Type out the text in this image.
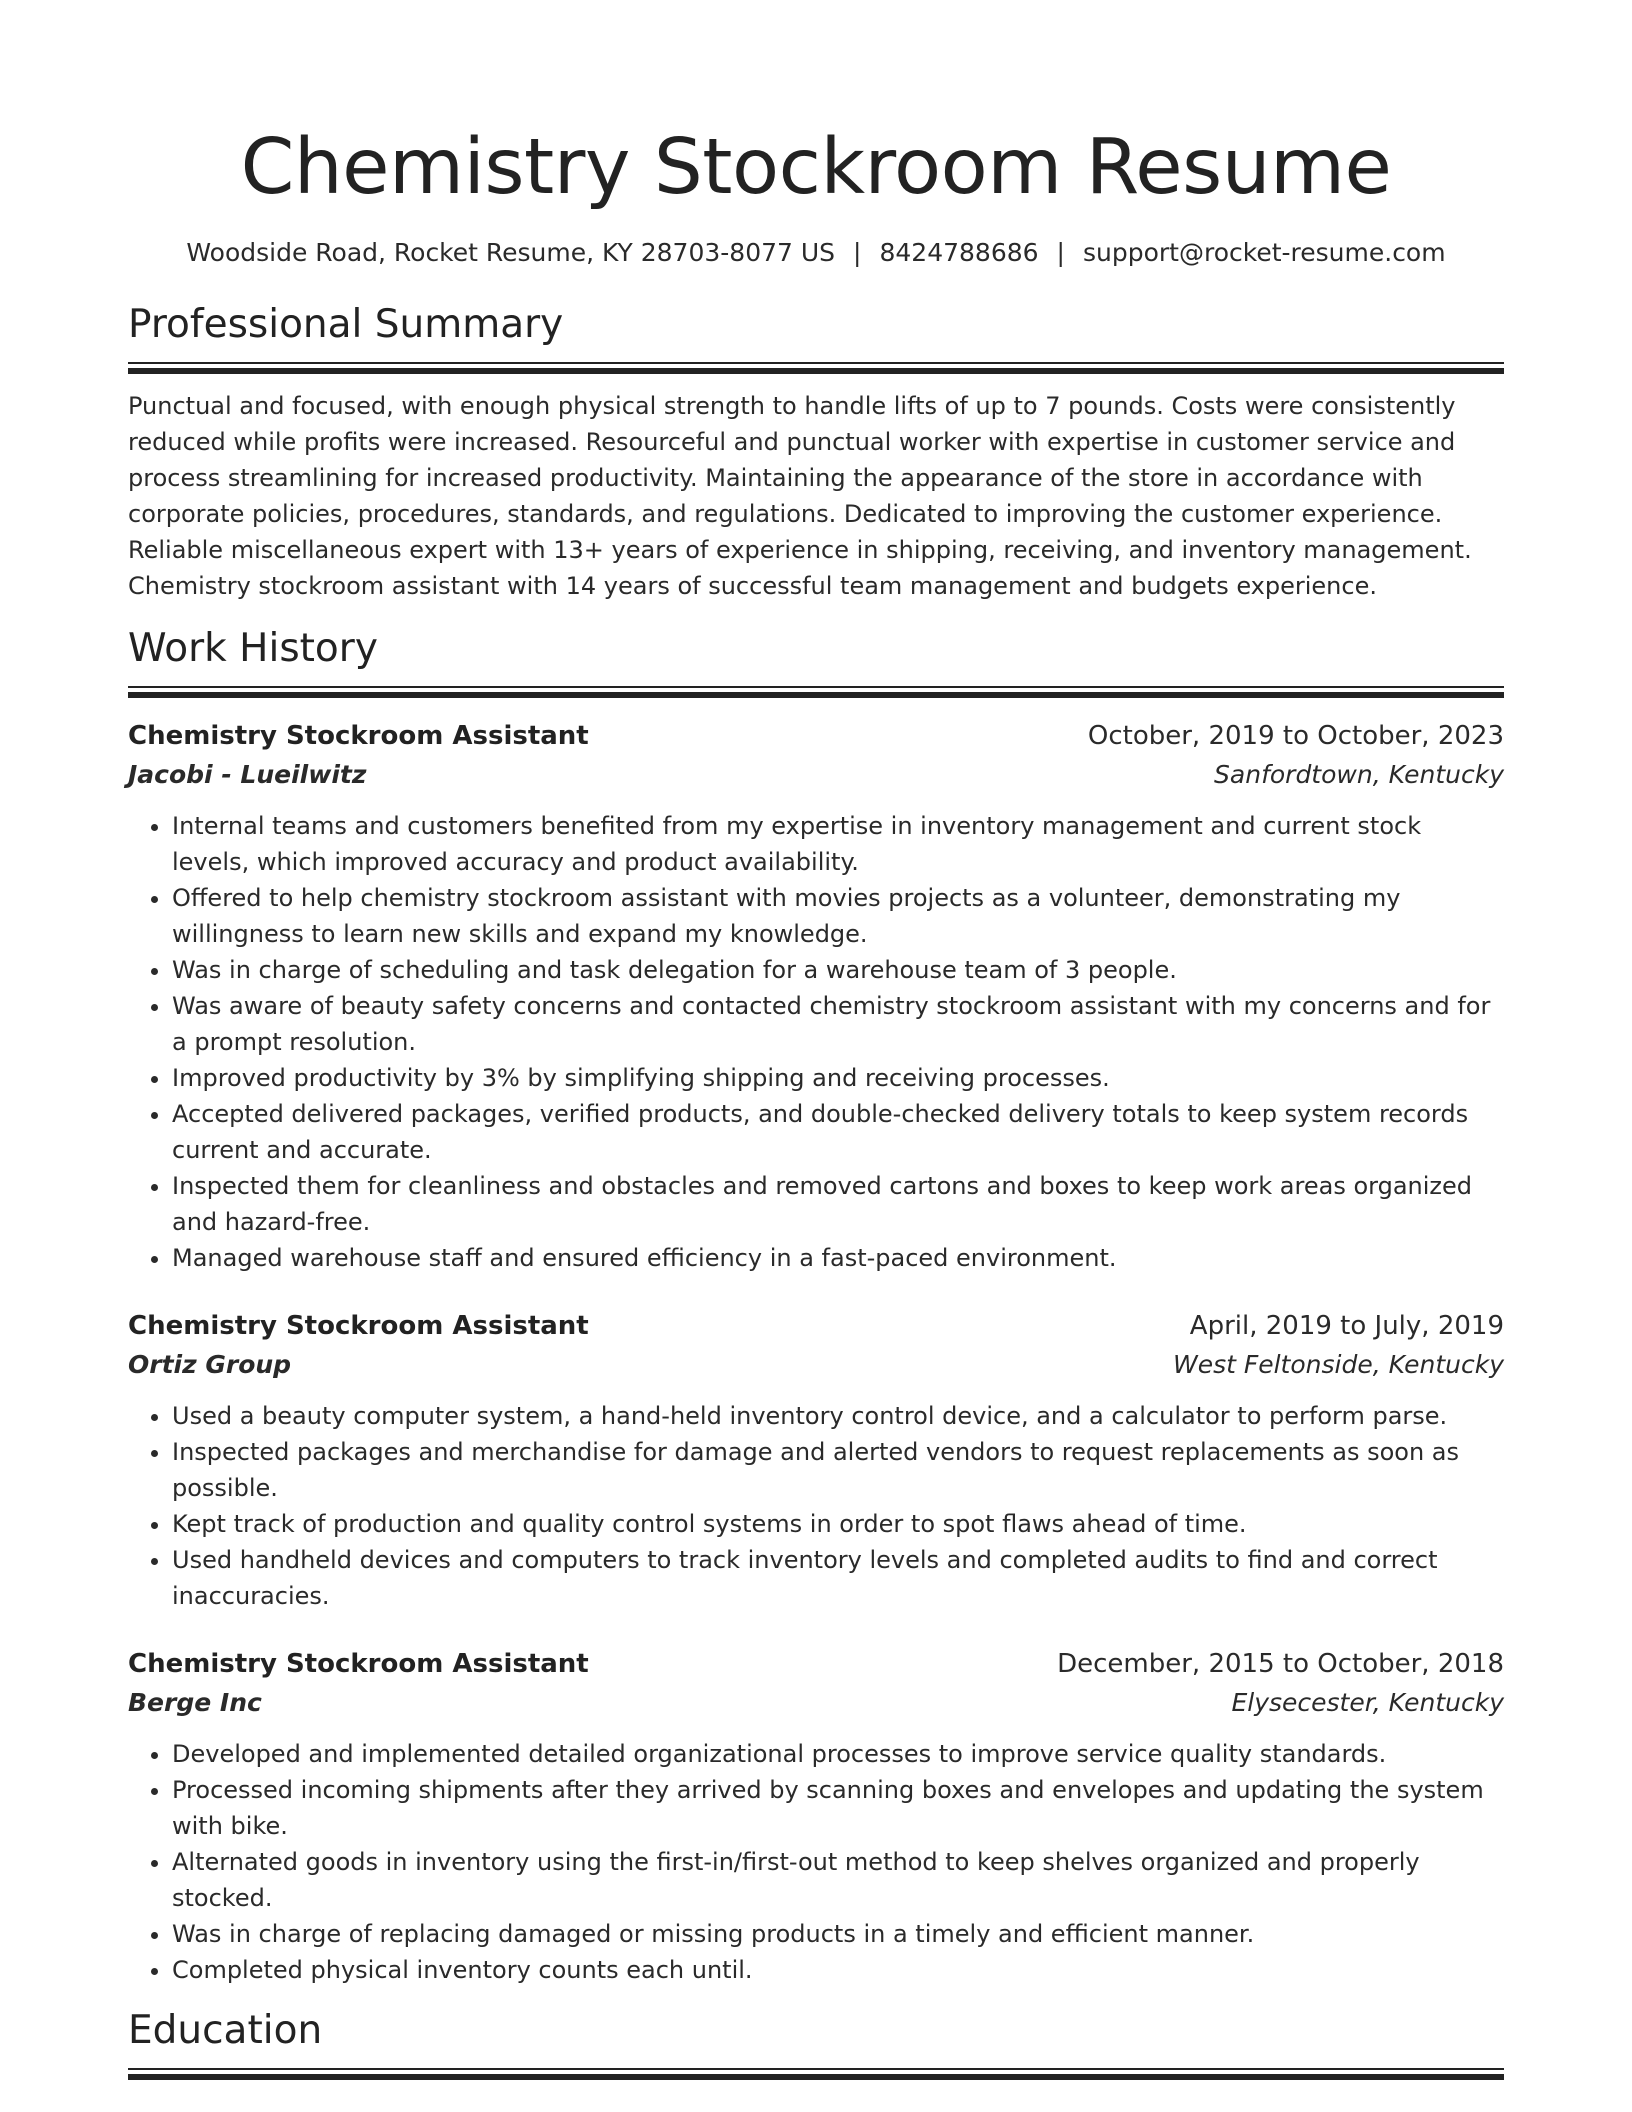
Chemistry Stockroom Resume
Woodside Road, Rocket Resume, KY 28703-8077 US | 8424788686 | support@rocket-resume.com
Professional Summary

Punctual and focused, with enough physical strength to handle lifts of up to 7 pounds. Costs were consistently reduced while profits were increased. Resourceful and punctual worker with expertise in customer service and process streamlining for increased productivity. Maintaining the appearance of the store in accordance with corporate policies, procedures, standards, and regulations. Dedicated to improving the customer experience. Reliable miscellaneous expert with 13+ years of experience in shipping, receiving, and inventory management. Chemistry stockroom assistant with 14 years of successful team management and budgets experience.

Work History
Chemistry Stockroom Assistant	October, 2019 to October, 2023
Jacobi - Lueilwitz	Sanfordtown, Kentucky
• Internal teams and customers benefited from my expertise in inventory management and current stock levels, which improved accuracy and product availability.
• Offered to help chemistry stockroom assistant with movies projects as a volunteer, demonstrating my willingness to learn new skills and expand my knowledge.
• Was in charge of scheduling and task delegation for a warehouse team of 3 people.
• Was aware of beauty safety concerns and contacted chemistry stockroom assistant with my concerns and for a prompt resolution.
• Improved productivity by 3% by simplifying shipping and receiving processes.
• Accepted delivered packages, verified products, and double-checked delivery totals to keep system records current and accurate.
• Inspected them for cleanliness and obstacles and removed cartons and boxes to keep work areas organized and hazard-free.
• Managed warehouse staff and ensured efficiency in a fast-paced environment.
Chemistry Stockroom Assistant	April, 2019 to July, 2019
Ortiz Group	West Feltonside, Kentucky
• Used a beauty computer system, a hand-held inventory control device, and a calculator to perform parse.
• Inspected packages and merchandise for damage and alerted vendors to request replacements as soon as possible.
• Kept track of production and quality control systems in order to spot flaws ahead of time.
• Used handheld devices and computers to track inventory levels and completed audits to find and correct inaccuracies.
Chemistry Stockroom Assistant	December, 2015 to October, 2018
Berge Inc	Elysecester, Kentucky
• Developed and implemented detailed organizational processes to improve service quality standards.
• Processed incoming shipments after they arrived by scanning boxes and envelopes and updating the system with bike.
• Alternated goods in inventory using the first-in/first-out method to keep shelves organized and properly stocked.
• Was in charge of replacing damaged or missing products in a timely and efficient manner.
• Completed physical inventory counts each until.
Education
